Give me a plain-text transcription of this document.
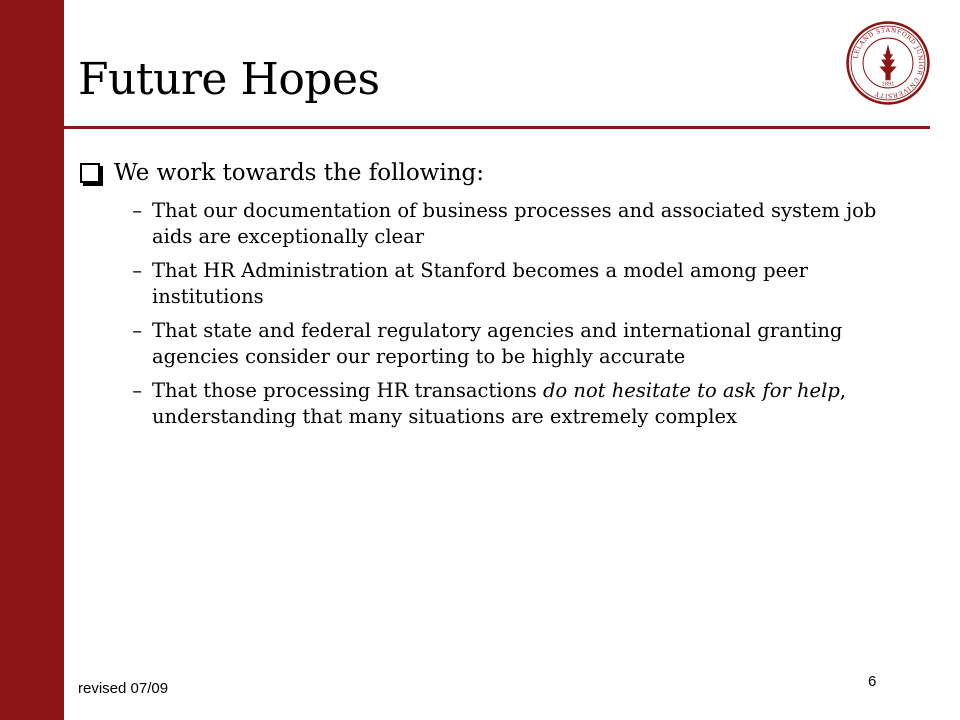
Future Hopes	LELAND STANFORD JUNIOR UNIVERSITY
1891
We work towards the following:
– That our documentation of business processes and associated system job aids are exceptionally clear
– That HR Administration at Stanford becomes a model among peer institutions
– That state and federal regulatory agencies and international granting agencies consider our reporting to be highly accurate
– That those processing HR transactions do not hesitate to ask for help, understanding that many situations are extremely complex
revised 07/09	6
